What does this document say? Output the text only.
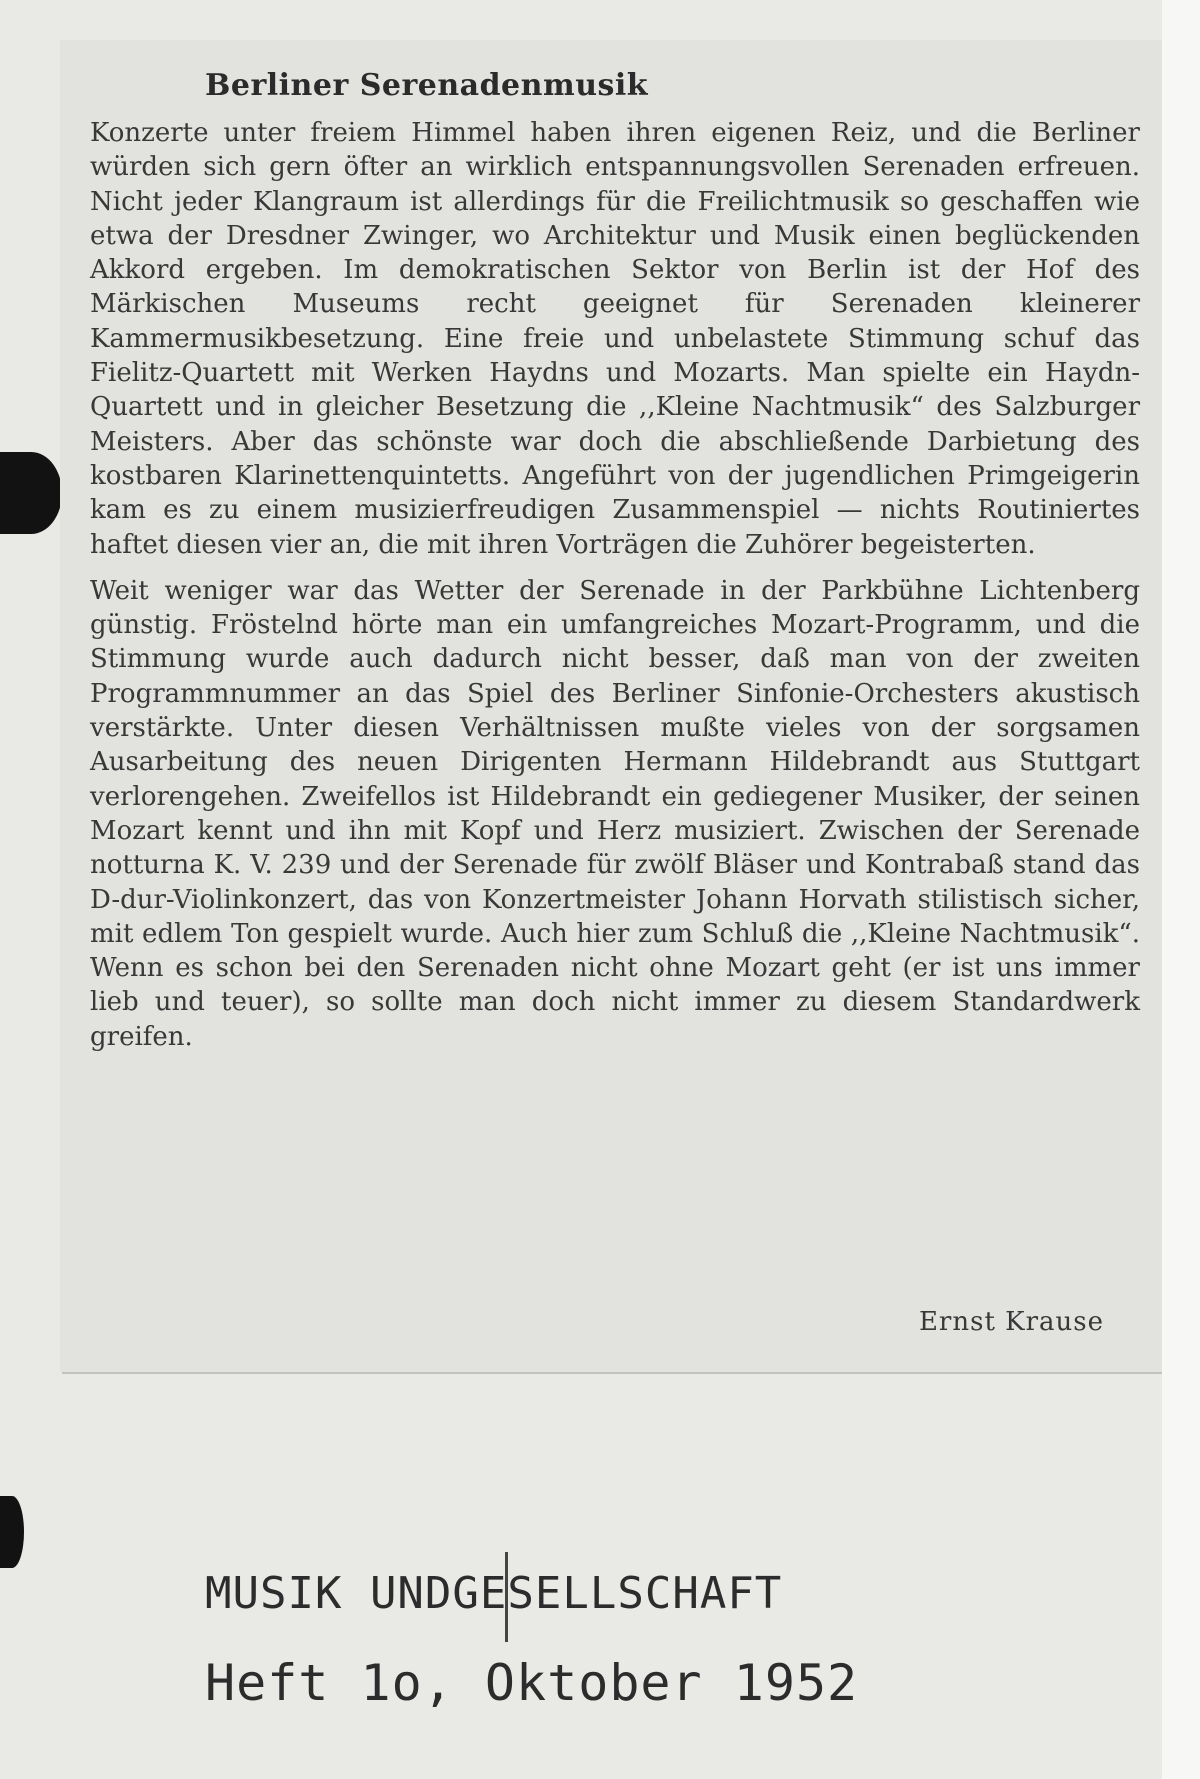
Berliner Serenadenmusik

Konzerte unter freiem Himmel haben ihren eigenen Reiz, und die Berliner würden sich gern öfter an wirklich entspannungsvollen Serenaden erfreuen. Nicht jeder Klangraum ist allerdings für die Freilichtmusik so geschaffen wie etwa der Dresdner Zwinger, wo Architektur und Musik einen beglückenden Akkord ergeben. Im demokratischen Sektor von Berlin ist der Hof des Märkischen Museums recht geeignet für Serenaden kleinerer Kammermusikbesetzung. Eine freie und unbelastete Stimmung schuf das Fielitz-Quartett mit Werken Haydns und Mozarts. Man spielte ein Haydn-Quartett und in gleicher Besetzung die ,,Kleine Nachtmusik“ des Salzburger Meisters. Aber das schönste war doch die abschließende Darbietung des kostbaren Klarinettenquintetts. Angeführt von der jugendlichen Primgeigerin kam es zu einem musizierfreudigen Zusammenspiel — nichts Routiniertes haftet diesen vier an, die mit ihren Vorträgen die Zuhörer begeisterten.

Weit weniger war das Wetter der Serenade in der Parkbühne Lichtenberg günstig. Fröstelnd hörte man ein umfangreiches Mozart-Programm, und die Stimmung wurde auch dadurch nicht besser, daß man von der zweiten Programmnummer an das Spiel des Berliner Sinfonie-Orchesters akustisch verstärkte. Unter diesen Verhältnissen mußte vieles von der sorgsamen Ausarbeitung des neuen Dirigenten Hermann Hildebrandt aus Stuttgart verlorengehen. Zweifellos ist Hildebrandt ein gediegener Musiker, der seinen Mozart kennt und ihn mit Kopf und Herz musiziert. Zwischen der Serenade notturna K. V. 239 und der Serenade für zwölf Bläser und Kontrabaß stand das D-dur-Violinkonzert, das von Konzertmeister Johann Horvath stilistisch sicher, mit edlem Ton gespielt wurde. Auch hier zum Schluß die ,,Kleine Nachtmusik“. Wenn es schon bei den Serenaden nicht ohne Mozart geht (er ist uns immer lieb und teuer), so sollte man doch nicht immer zu diesem Standardwerk greifen.

Ernst Krause
MUSIK UNDGESELLSCHAFT
Heft 1o, Oktober 1952
